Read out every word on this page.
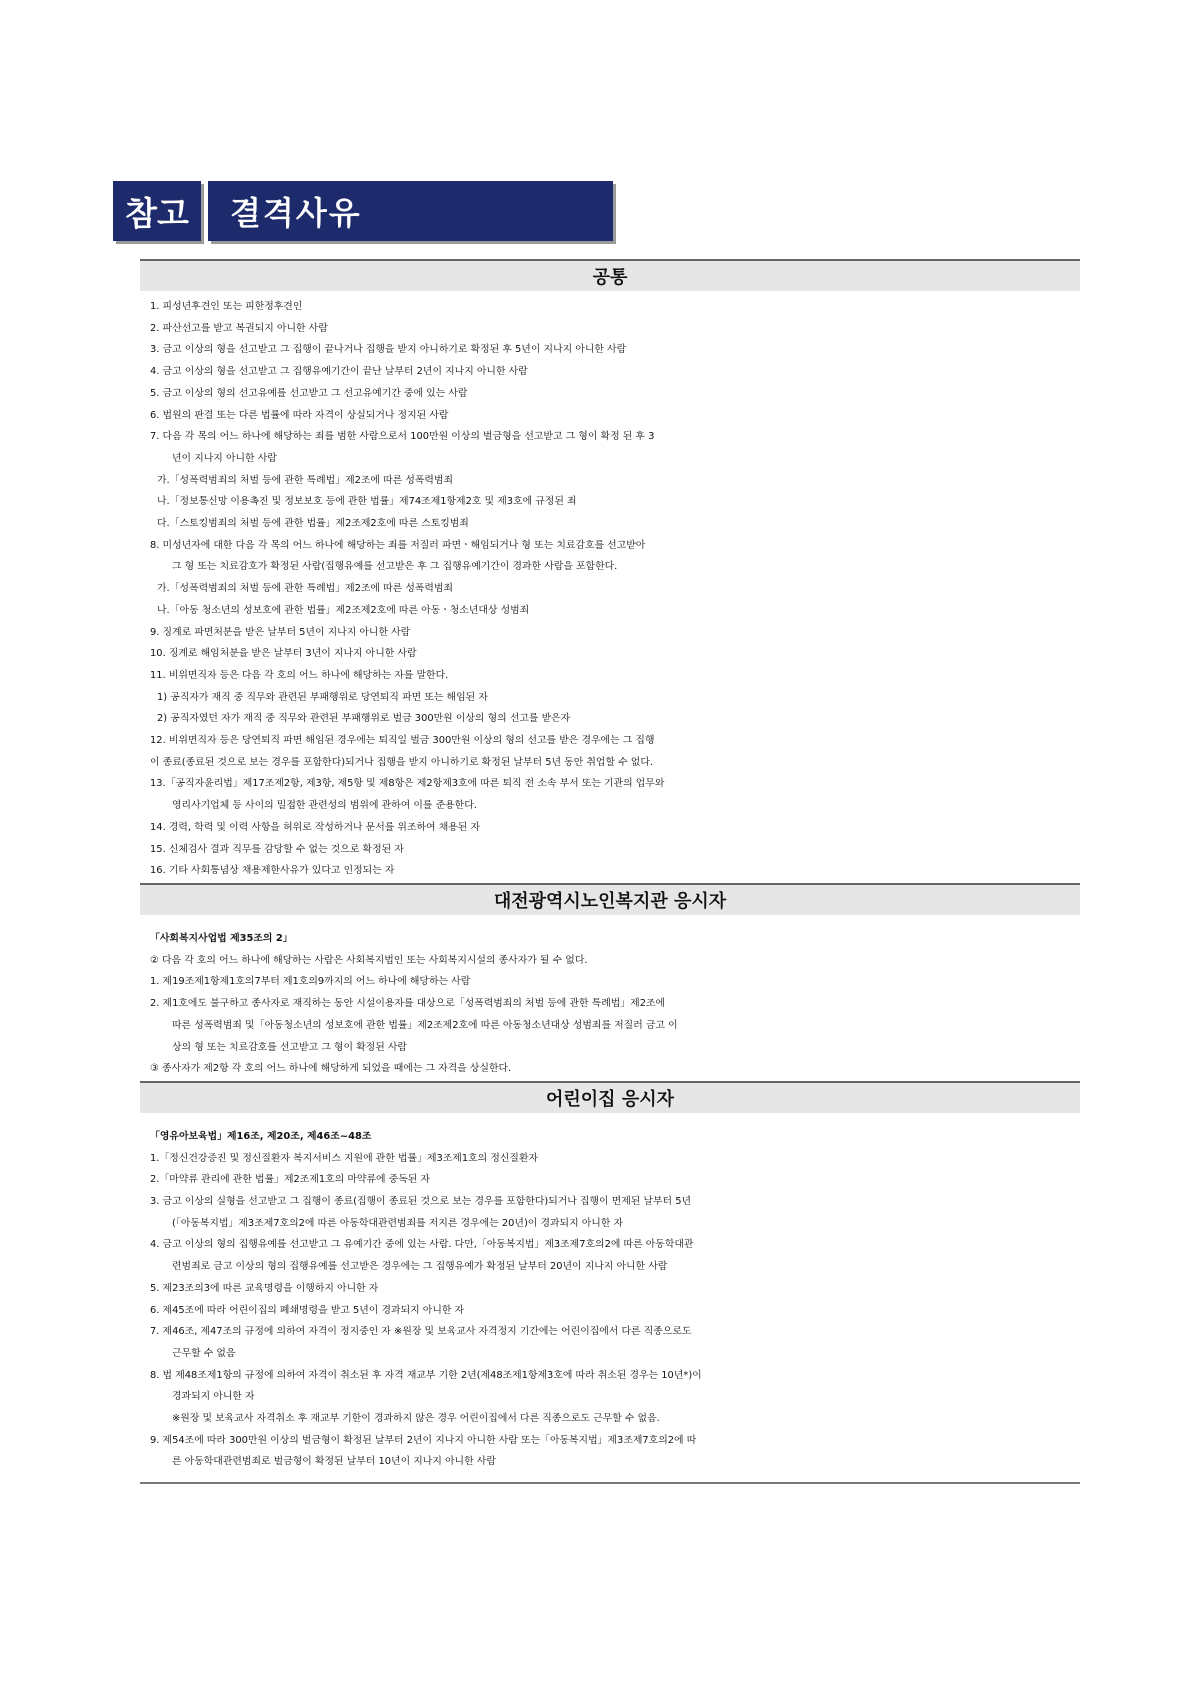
참고	결격사유
공통
1. 피성년후견인 또는 피한정후견인
2. 파산선고를 받고 복권되지 아니한 사람
3. 금고 이상의 형을 선고받고 그 집행이 끝나거나 집행을 받지 아니하기로 확정된 후 5년이 지나지 아니한 사람
4. 금고 이상의 형을 선고받고 그 집행유예기간이 끝난 날부터 2년이 지나지 아니한 사람
5. 금고 이상의 형의 선고유예를 선고받고 그 선고유예기간 중에 있는 사람
6. 법원의 판결 또는 다른 법률에 따라 자격이 상실되거나 정지된 사람
7. 다음 각 목의 어느 하나에 해당하는 죄를 범한 사람으로서 100만원 이상의 벌금형을 선고받고 그 형이 확정 된 후 3
년이 지나지 아니한 사람
가.「성폭력범죄의 처벌 등에 관한 특례법」제2조에 따른 성폭력범죄
나.「정보통신망 이용촉진 및 정보보호 등에 관한 법률」제74조제1항제2호 및 제3호에 규정된 죄
다.「스토킹범죄의 처벌 등에 관한 법률」제2조제2호에 따른 스토킹범죄
8. 미성년자에 대한 다음 각 목의 어느 하나에 해당하는 죄를 저질러 파면ㆍ해임되거나 형 또는 치료감호를 선고받아
그 형 또는 치료감호가 확정된 사람(집행유예를 선고받은 후 그 집행유예기간이 경과한 사람을 포함한다.
가.「성폭력범죄의 처벌 등에 관한 특례법」제2조에 따른 성폭력범죄
나.「아동 청소년의 성보호에 관한 법률」제2조제2호에 따른 아동ㆍ청소년대상 성범죄
9. 징계로 파면처분을 받은 날부터 5년이 지나지 아니한 사람
10. 징계로 해임처분을 받은 날부터 3년이 지나지 아니한 사람
11. 비위면직자 등은 다음 각 호의 어느 하나에 해당하는 자를 말한다.
1) 공직자가 재직 중 직무와 관련된 부패행위로 당연퇴직 파면 또는 해임된 자
2) 공직자였던 자가 재직 중 직무와 관련된 부패행위로 벌금 300만원 이상의 형의 선고를 받은자
12. 비위면직자 등은 당연퇴직 파면 해임된 경우에는 퇴직일 벌금 300만원 이상의 형의 선고를 받은 경우에는 그 집행
이 종료(종료된 것으로 보는 경우를 포함한다)되거나 집행을 받지 아니하기로 확정된 날부터 5년 동안 취업할 수 없다.
13.「공직자윤리법」제17조제2항, 제3항, 제5항 및 제8항은 제2항제3호에 따른 퇴직 전 소속 부서 또는 기관의 업무와
영리사기업체 등 사이의 밀접한 관련성의 범위에 관하여 이를 준용한다.
14. 경력, 학력 및 이력 사항을 허위로 작성하거나 문서를 위조하여 채용된 자
15. 신체검사 결과 직무를 감당할 수 없는 것으로 확정된 자
16. 기타 사회통념상 채용제한사유가 있다고 인정되는 자
대전광역시노인복지관 응시자
「사회복지사업법 제35조의 2」
② 다음 각 호의 어느 하나에 해당하는 사람은 사회복지법인 또는 사회복지시설의 종사자가 될 수 없다.
1. 제19조제1항제1호의7부터 제1호의9까지의 어느 하나에 해당하는 사람
2. 제1호에도 불구하고 종사자로 재직하는 동안 시설이용자를 대상으로「성폭력범죄의 처벌 등에 관한 특례법」제2조에
따른 성폭력범죄 및「아동청소년의 성보호에 관한 법률」제2조제2호에 따른 아동청소년대상 성범죄를 저질러 금고 이
상의 형 또는 치료감호를 선고받고 그 형이 확정된 사람
③ 종사자가 제2항 각 호의 어느 하나에 해당하게 되었을 때에는 그 자격을 상실한다.
어린이집 응시자
「영유아보육법」제16조, 제20조, 제46조~48조
1.「정신건강증진 및 정신질환자 복지서비스 지원에 관한 법률」제3조제1호의 정신질환자
2.「마약류 관리에 관한 법률」제2조제1호의 마약류에 중독된 자
3. 금고 이상의 실형을 선고받고 그 집행이 종료(집행이 종료된 것으로 보는 경우를 포함한다)되거나 집행이 면제된 날부터 5년
(「아동복지법」제3조제7호의2에 따른 아동학대관련범죄를 저지른 경우에는 20년)이 경과되지 아니한 자
4. 금고 이상의 형의 집행유예를 선고받고 그 유예기간 중에 있는 사람. 다만,「아동복지법」제3조제7호의2에 따른 아동학대관
련범죄로 금고 이상의 형의 집행유예를 선고받은 경우에는 그 집행유예가 확정된 날부터 20년이 지나지 아니한 사람
5. 제23조의3에 따른 교육명령을 이행하지 아니한 자
6. 제45조에 따라 어린이집의 폐쇄명령을 받고 5년이 경과되지 아니한 자
7. 제46조, 제47조의 규정에 의하여 자격이 정지중인 자 ※원장 및 보육교사 자격정지 기간에는 어린이집에서 다른 직종으로도
근무할 수 없음
8. 법 제48조제1항의 규정에 의하여 자격이 취소된 후 자격 재교부 기한 2년(제48조제1항제3호에 따라 취소된 경우는 10년*)이
경과되지 아니한 자
※원장 및 보육교사 자격취소 후 재교부 기한이 경과하지 않은 경우 어린이집에서 다른 직종으로도 근무할 수 없음.
9. 제54조에 따라 300만원 이상의 벌금형이 확정된 날부터 2년이 지나지 아니한 사람 또는「아동복지법」제3조제7호의2에 따
른 아동학대관련범죄로 벌금형이 확정된 날부터 10년이 지나지 아니한 사람
